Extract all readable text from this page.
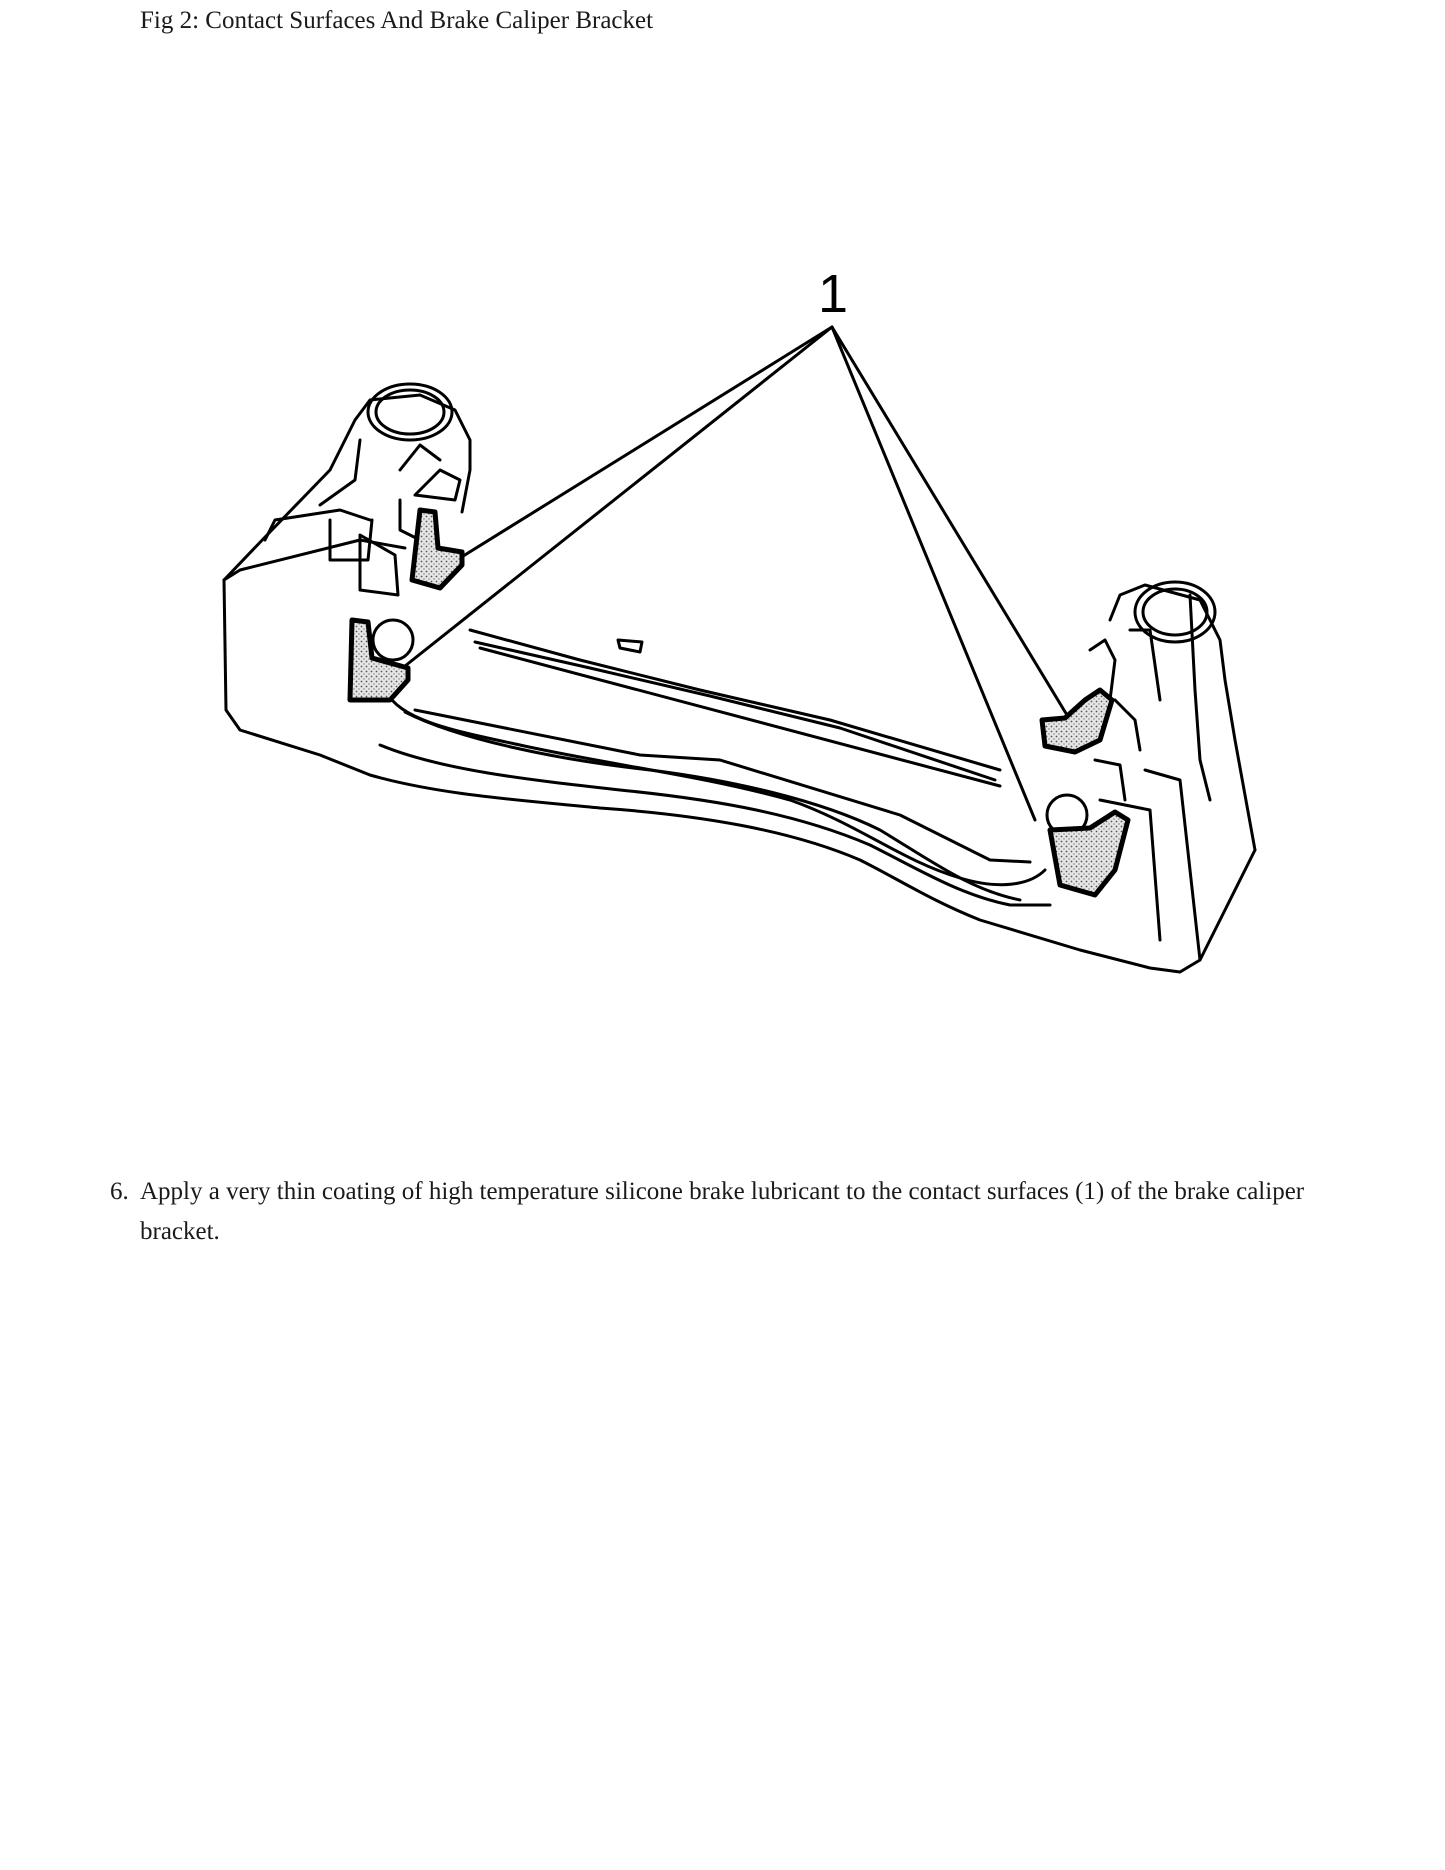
Fig 2: Contact Surfaces And Brake Caliper Bracket
1
6. Apply a very thin coating of high temperature silicone brake lubricant to the contact surfaces (1) of the brake caliper bracket.
